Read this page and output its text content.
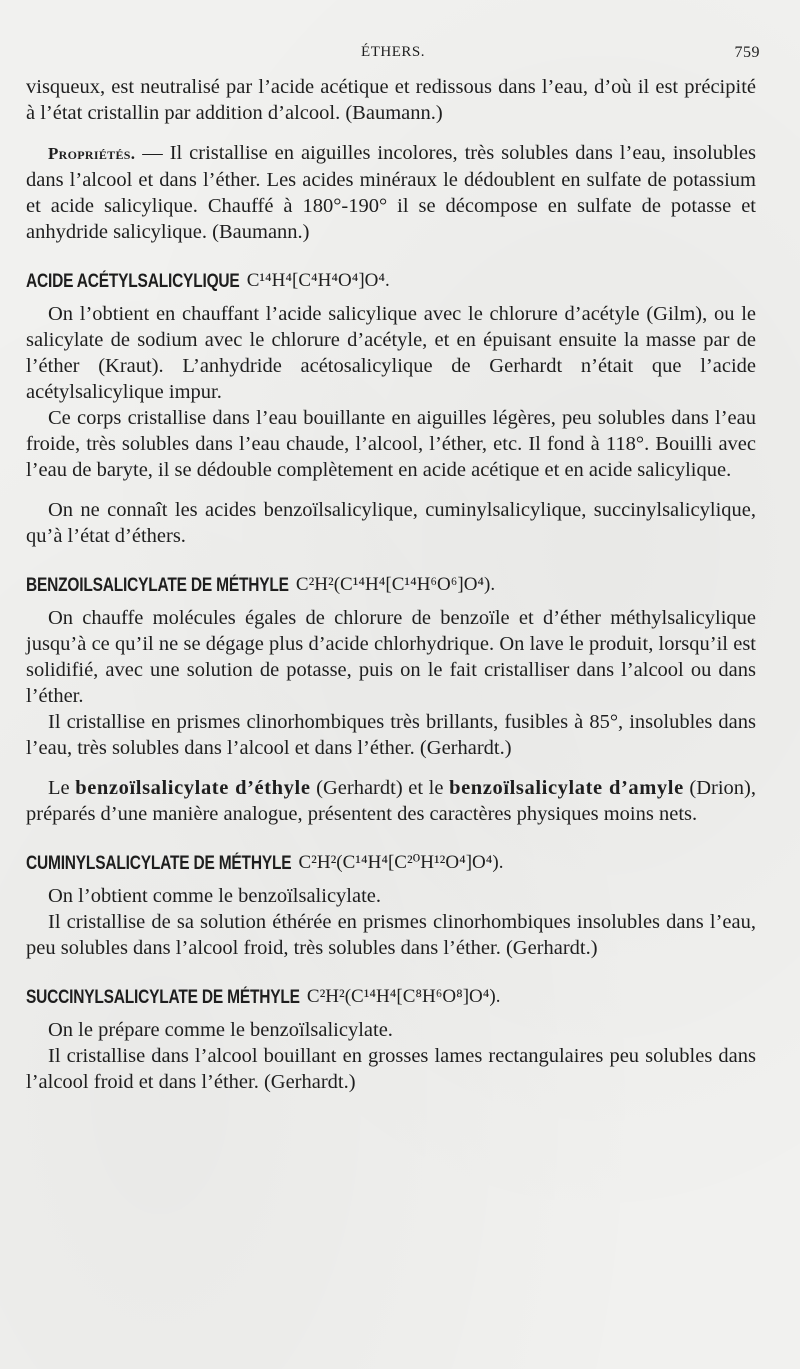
ÉTHERS.	759

visqueux, est neutralisé par l’acide acétique et redissous dans l’eau, d’où il est précipité à l’état cristallin par addition d’alcool. (Baumann.)

Propriétés. — Il cristallise en aiguilles incolores, très solubles dans l’eau, insolubles dans l’alcool et dans l’éther. Les acides minéraux le dédoublent en sulfate de potassium et acide salicylique. Chauffé à 180°-190° il se décompose en sulfate de potasse et anhydride salicylique. (Baumann.)

ACIDE ACÉTYLSALICYLIQUE C¹⁴H⁴[C⁴H⁴O⁴]O⁴.

On l’obtient en chauffant l’acide salicylique avec le chlorure d’acétyle (Gilm), ou le salicylate de sodium avec le chlorure d’acétyle, et en épuisant ensuite la masse par de l’éther (Kraut). L’anhydride acétosalicylique de Gerhardt n’était que l’acide acétylsalicylique impur.

Ce corps cristallise dans l’eau bouillante en aiguilles légères, peu solubles dans l’eau froide, très solubles dans l’eau chaude, l’alcool, l’éther, etc. Il fond à 118°. Bouilli avec l’eau de baryte, il se dédouble complètement en acide acétique et en acide salicylique.

On ne connaît les acides benzoïlsalicylique, cuminylsalicylique, succinylsalicylique, qu’à l’état d’éthers.

BENZOILSALICYLATE DE MÉTHYLE C²H²(C¹⁴H⁴[C¹⁴H⁶O⁶]O⁴).

On chauffe molécules égales de chlorure de benzoïle et d’éther méthylsalicylique jusqu’à ce qu’il ne se dégage plus d’acide chlorhydrique. On lave le produit, lorsqu’il est solidifié, avec une solution de potasse, puis on le fait cristalliser dans l’alcool ou dans l’éther.

Il cristallise en prismes clinorhombiques très brillants, fusibles à 85°, insolubles dans l’eau, très solubles dans l’alcool et dans l’éther. (Gerhardt.)

Le benzoïlsalicylate d’éthyle (Gerhardt) et le benzoïlsalicylate d’amyle (Drion), préparés d’une manière analogue, présentent des caractères physiques moins nets.

CUMINYLSALICYLATE DE MÉTHYLE C²H²(C¹⁴H⁴[C²⁰H¹²O⁴]O⁴).

On l’obtient comme le benzoïlsalicylate.

Il cristallise de sa solution éthérée en prismes clinorhombiques insolubles dans l’eau, peu solubles dans l’alcool froid, très solubles dans l’éther. (Gerhardt.)

SUCCINYLSALICYLATE DE MÉTHYLE C²H²(C¹⁴H⁴[C⁸H⁶O⁸]O⁴).

On le prépare comme le benzoïlsalicylate.

Il cristallise dans l’alcool bouillant en grosses lames rectangulaires peu solubles dans l’alcool froid et dans l’éther. (Gerhardt.)
